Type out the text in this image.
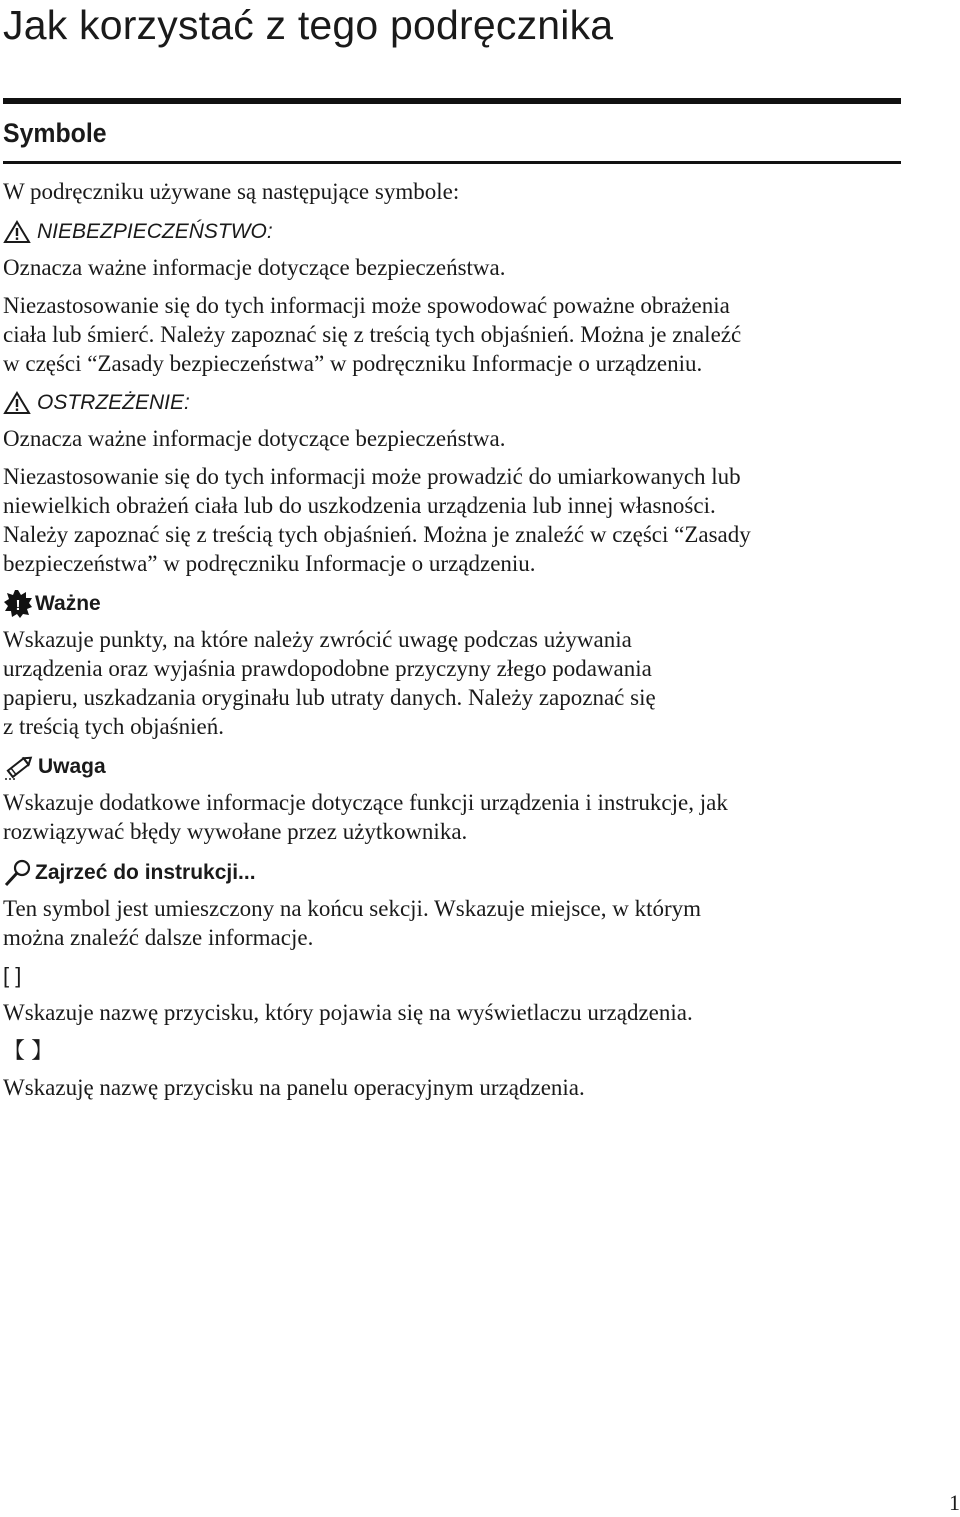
Jak korzystać z tego podręcznika
Symbole

W podręczniku używane są następujące symbole:

NIEBEZPIECZEŃSTWO:

Oznacza ważne informacje dotyczące bezpieczeństwa.

Niezastosowanie się do tych informacji może spowodować poważne obrażenia

ciała lub śmierć. Należy zapoznać się z treścią tych objaśnień. Można je znaleźć

w części “Zasady bezpieczeństwa” w podręczniku Informacje o urządzeniu.

OSTRZEŻENIE:

Oznacza ważne informacje dotyczące bezpieczeństwa.

Niezastosowanie się do tych informacji może prowadzić do umiarkowanych lub

niewielkich obrażeń ciała lub do uszkodzenia urządzenia lub innej własności.

Należy zapoznać się z treścią tych objaśnień. Można je znaleźć w części “Zasady

bezpieczeństwa” w podręczniku Informacje o urządzeniu.

! Ważne

Wskazuje punkty, na które należy zwrócić uwagę podczas używania

urządzenia oraz wyjaśnia prawdopodobne przyczyny złego podawania

papieru, uszkadzania oryginału lub utraty danych. Należy zapoznać się

z treścią tych objaśnień.

Uwaga

Wskazuje dodatkowe informacje dotyczące funkcji urządzenia i instrukcje, jak

rozwiązywać błędy wywołane przez użytkownika.

Zajrzeć do instrukcji...

Ten symbol jest umieszczony na końcu sekcji. Wskazuje miejsce, w którym

można znaleźć dalsze informacje.

[ ]

Wskazuje nazwę przycisku, który pojawia się na wyświetlaczu urządzenia.

【 】

Wskazuję nazwę przycisku na panelu operacyjnym urządzenia.

1
